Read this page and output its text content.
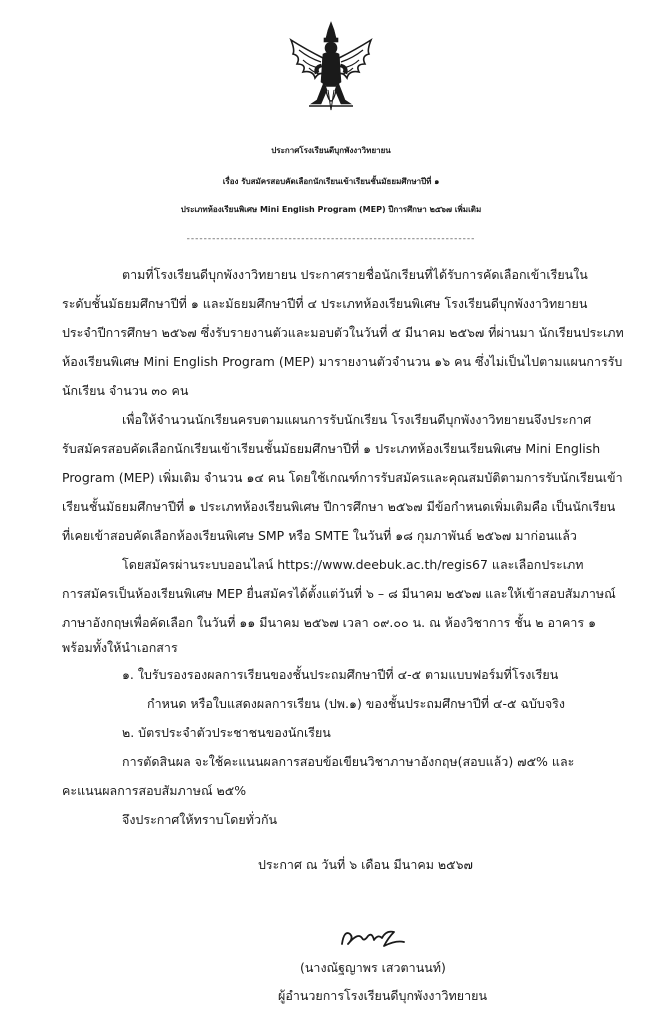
ประกาศโรงเรียนดีบุกพังงาวิทยายน
เรื่อง รับสมัครสอบคัดเลือกนักเรียนเข้าเรียนชั้นมัธยมศึกษาปีที่ ๑
ประเภทห้องเรียนพิเศษ Mini English Program (MEP) ปีการศึกษา ๒๕๖๗ เพิ่มเติม
--------------------------------------------------------------------
ตามที่โรงเรียนดีบุกพังงาวิทยายน ประกาศรายชื่อนักเรียนที่ได้รับการคัดเลือกเข้าเรียนใน
ระดับชั้นมัธยมศึกษาปีที่ ๑ และมัธยมศึกษาปีที่ ๔ ประเภทห้องเรียนพิเศษ โรงเรียนดีบุกพังงาวิทยายน
ประจำปีการศึกษา ๒๕๖๗ ซึ่งรับรายงานตัวและมอบตัวในวันที่ ๕ มีนาคม ๒๕๖๗ ที่ผ่านมา นักเรียนประเภท
ห้องเรียนพิเศษ Mini English Program (MEP) มารายงานตัวจำนวน ๑๖ คน ซึ่งไม่เป็นไปตามแผนการรับ
นักเรียน จำนวน ๓๐ คน
เพื่อให้จำนวนนักเรียนครบตามแผนการรับนักเรียน โรงเรียนดีบุกพังงาวิทยายนจึงประกาศ
รับสมัครสอบคัดเลือกนักเรียนเข้าเรียนชั้นมัธยมศึกษาปีที่ ๑ ประเภทห้องเรียนเรียนพิเศษ Mini English
Program (MEP) เพิ่มเติม จำนวน ๑๔ คน โดยใช้เกณฑ์การรับสมัครและคุณสมบัติตามการรับนักเรียนเข้า
เรียนชั้นมัธยมศึกษาปีที่ ๑ ประเภทห้องเรียนพิเศษ ปีการศึกษา ๒๕๖๗ มีข้อกำหนดเพิ่มเติมคือ เป็นนักเรียน
ที่เคยเข้าสอบคัดเลือกห้องเรียนพิเศษ SMP หรือ SMTE ในวันที่ ๑๘ กุมภาพันธ์ ๒๕๖๗ มาก่อนแล้ว
โดยสมัครผ่านระบบออนไลน์ https://www.deebuk.ac.th/regis67 และเลือกประเภท
การสมัครเป็นห้องเรียนพิเศษ MEP ยื่นสมัครได้ตั้งแต่วันที่ ๖ – ๘ มีนาคม ๒๕๖๗ และให้เข้าสอบสัมภาษณ์
ภาษาอังกฤษเพื่อคัดเลือก ในวันที่ ๑๑ มีนาคม ๒๕๖๗ เวลา ๐๙.๐๐ น. ณ ห้องวิชาการ ชั้น ๒ อาคาร ๑
พร้อมทั้งให้นำเอกสาร
๑. ใบรับรองรองผลการเรียนของชั้นประถมศึกษาปีที่ ๔-๕ ตามแบบฟอร์มที่โรงเรียน
กำหนด หรือใบแสดงผลการเรียน (ปพ.๑) ของชั้นประถมศึกษาปีที่ ๔-๕ ฉบับจริง
๒. บัตรประจำตัวประชาชนของนักเรียน
การตัดสินผล จะใช้คะแนนผลการสอบข้อเขียนวิชาภาษาอังกฤษ(สอบแล้ว) ๗๕% และ
คะแนนผลการสอบสัมภาษณ์ ๒๕%
จึงประกาศให้ทราบโดยทั่วกัน
ประกาศ ณ วันที่ ๖ เดือน มีนาคม ๒๕๖๗
(นางณัฐญาพร เสวตานนท์)
ผู้อำนวยการโรงเรียนดีบุกพังงาวิทยายน
